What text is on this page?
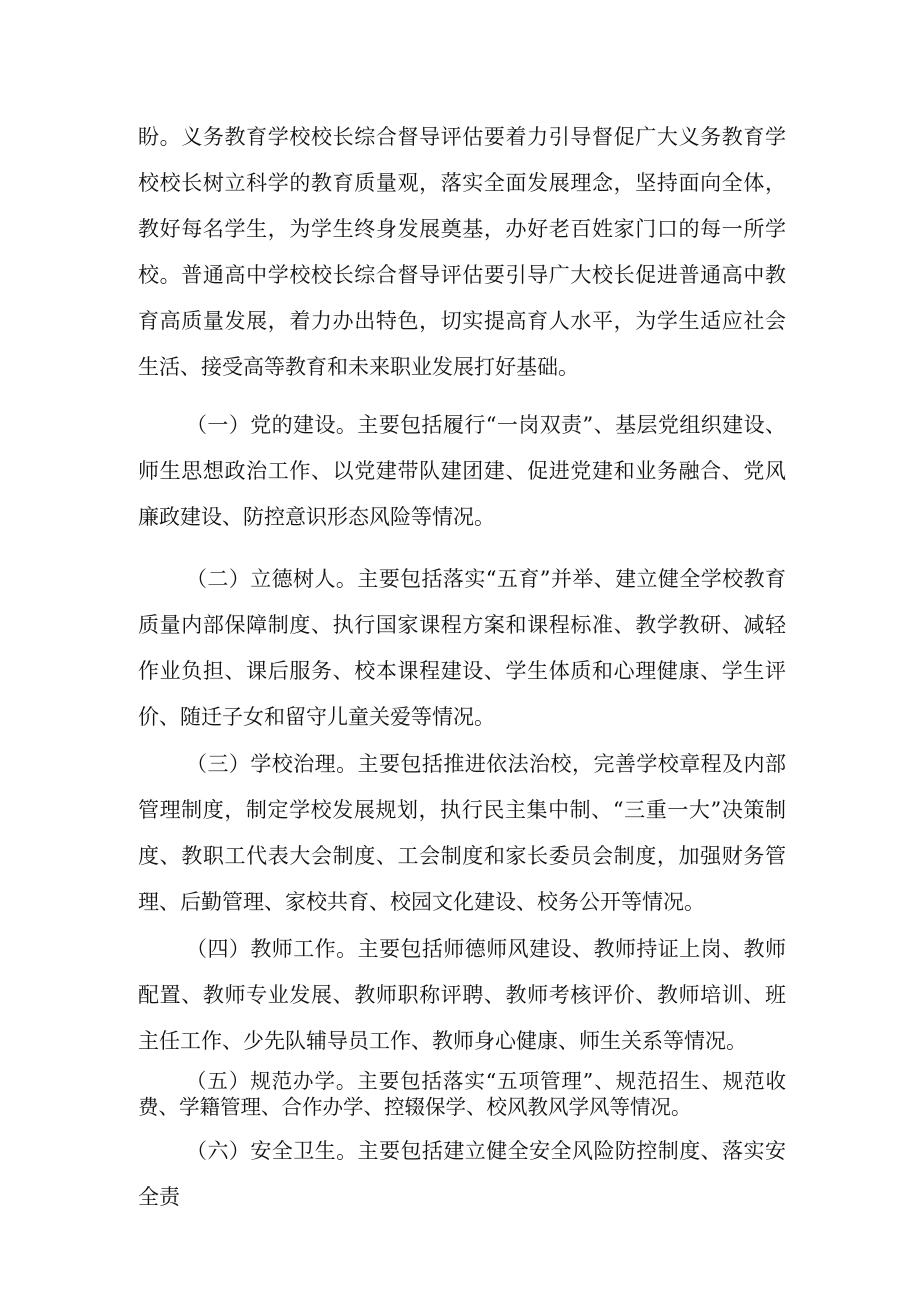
盼。义务教育学校校长综合督导评估要着力引导督促广大义务教育学校校长树立科学的教育质量观，落实全面发展理念，坚持面向全体，教好每名学生，为学生终身发展奠基，办好老百姓家门口的每一所学校。普通高中学校校长综合督导评估要引导广大校长促进普通高中教育高质量发展，着力办出特色，切实提高育人水平，为学生适应社会生活、接受高等教育和未来职业发展打好基础。

（一）党的建设。主要包括履行“一岗双责”、基层党组织建设、师生思想政治工作、以党建带队建团建、促进党建和业务融合、党风廉政建设、防控意识形态风险等情况。

（二）立德树人。主要包括落实“五育”并举、建立健全学校教育质量内部保障制度、执行国家课程方案和课程标准、教学教研、减轻作业负担、课后服务、校本课程建设、学生体质和心理健康、学生评价、随迁子女和留守儿童关爱等情况。

（三）学校治理。主要包括推进依法治校，完善学校章程及内部管理制度，制定学校发展规划，执行民主集中制、“三重一大”决策制度、教职工代表大会制度、工会制度和家长委员会制度，加强财务管理、后勤管理、家校共育、校园文化建设、校务公开等情况。

（四）教师工作。主要包括师德师风建设、教师持证上岗、教师配置、教师专业发展、教师职称评聘、教师考核评价、教师培训、班主任工作、少先队辅导员工作、教师身心健康、师生关系等情况。

（五）规范办学。主要包括落实“五项管理”、规范招生、规范收费、学籍管理、合作办学、控辍保学、校风教风学风等情况。

（六）安全卫生。主要包括建立健全安全风险防控制度、落实安全责
